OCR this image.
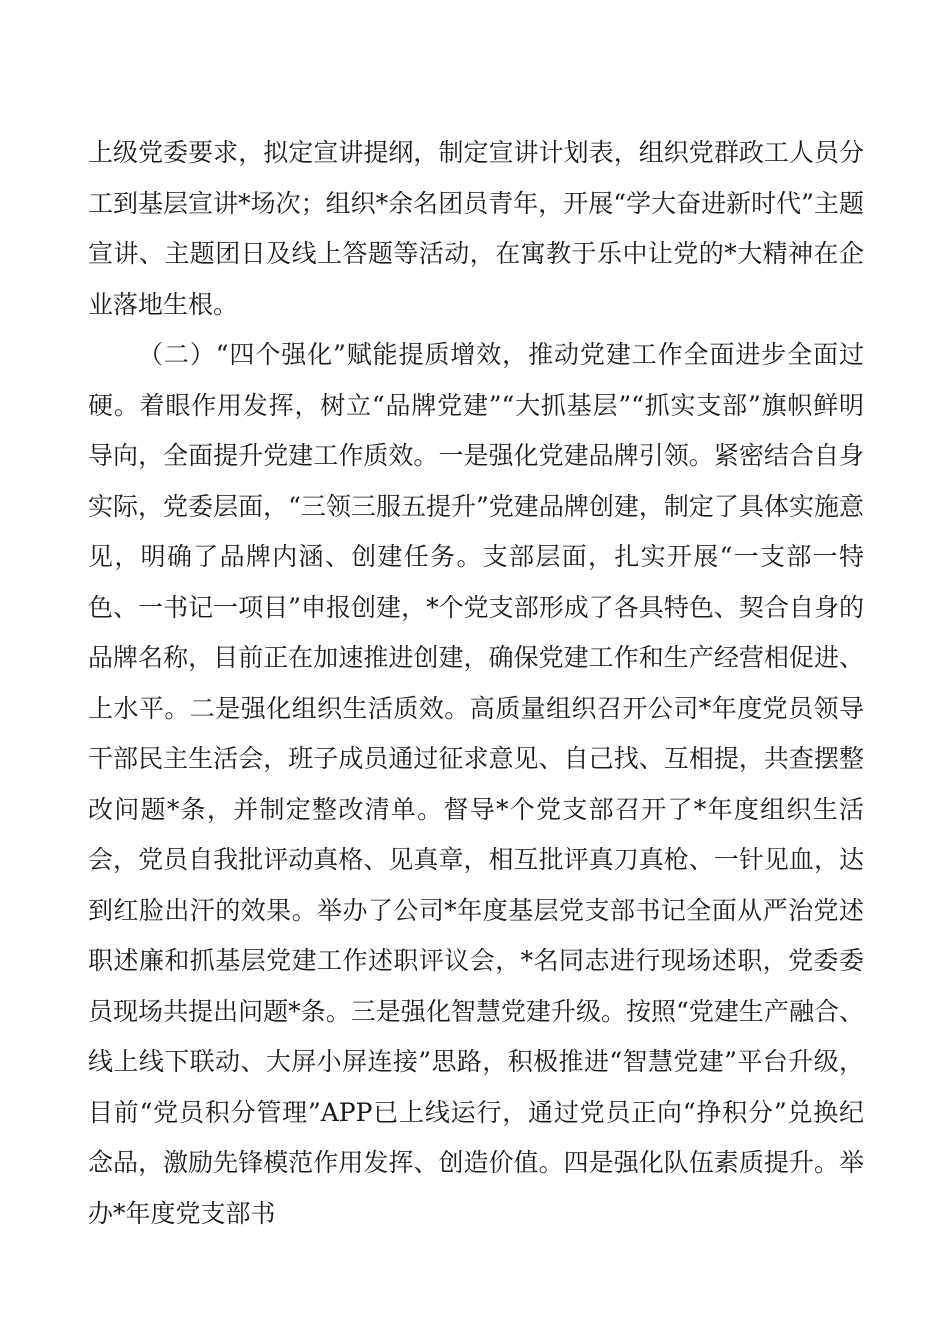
上级党委要求，拟定宣讲提纲，制定宣讲计划表，组织党群政工人员分工到基层宣讲*场次；组织*余名团员青年，开展“学大奋进新时代”主题宣讲、主题团日及线上答题等活动，在寓教于乐中让党的*大精神在企业落地生根。

（二）“四个强化”赋能提质增效，推动党建工作全面进步全面过硬。着眼作用发挥，树立“品牌党建”“大抓基层”“抓实支部”旗帜鲜明导向，全面提升党建工作质效。一是强化党建品牌引领。紧密结合自身实际，党委层面，“三领三服五提升”党建品牌创建，制定了具体实施意见，明确了品牌内涵、创建任务。支部层面，扎实开展“一支部一特色、一书记一项目”申报创建，*个党支部形成了各具特色、契合自身的品牌名称，目前正在加速推进创建，确保党建工作和生产经营相促进、上水平。二是强化组织生活质效。高质量组织召开公司*年度党员领导干部民主生活会，班子成员通过征求意见、自己找、互相提，共查摆整改问题*条，并制定整改清单。督导*个党支部召开了*年度组织生活会，党员自我批评动真格、见真章，相互批评真刀真枪、一针见血，达到红脸出汗的效果。举办了公司*年度基层党支部书记全面从严治党述职述廉和抓基层党建工作述职评议会，*名同志进行现场述职，党委委员现场共提出问题*条。三是强化智慧党建升级。按照“党建生产融合、线上线下联动、大屏小屏连接”思路，积极推进“智慧党建”平台升级，目前“党员积分管理”APP已上线运行，通过党员正向“挣积分”兑换纪念品，激励先锋模范作用发挥、创造价值。四是强化队伍素质提升。举办*年度党支部书
